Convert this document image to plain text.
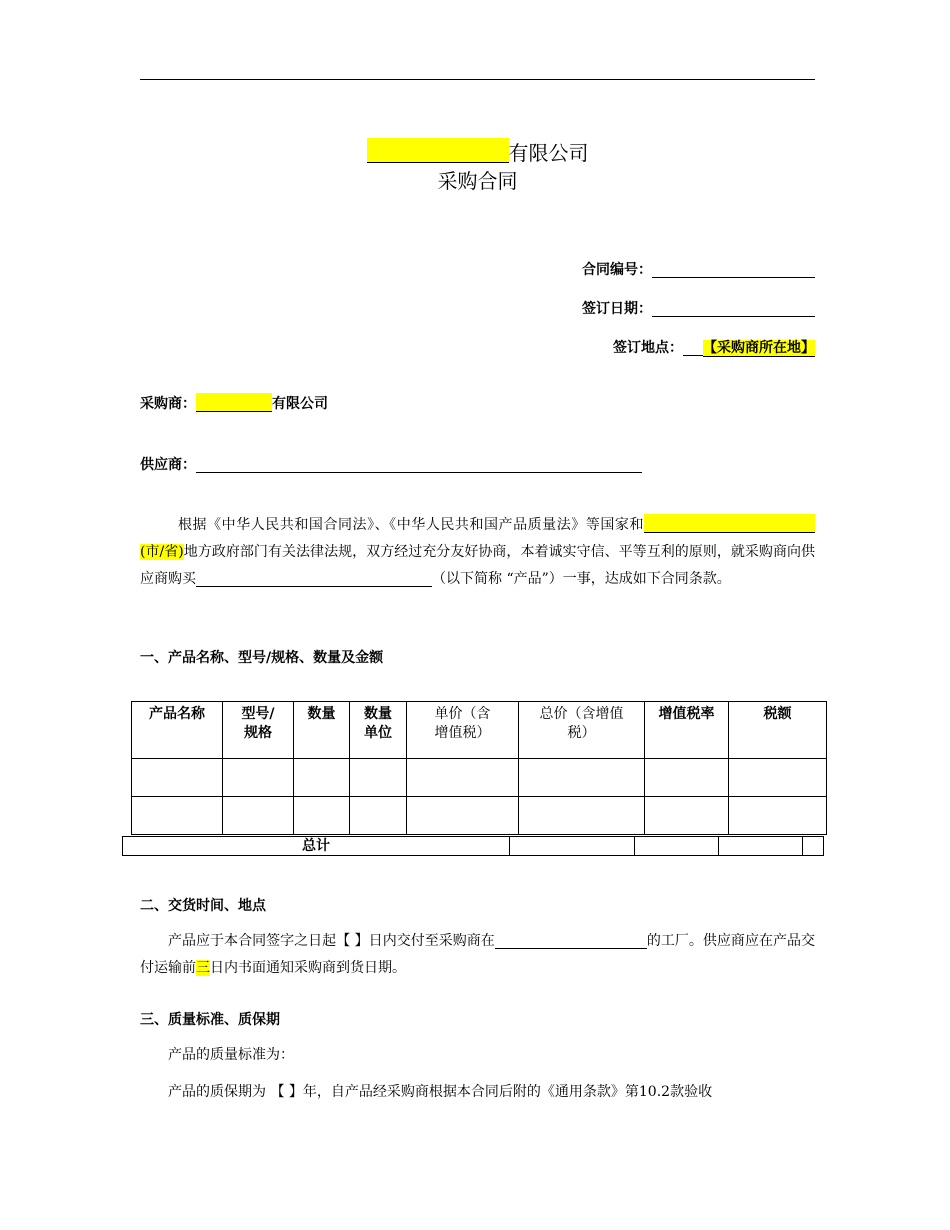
有限公司
采购合同
合同编号：
签订日期：
签订地点： 【采购商所在地】
采购商：	有限公司
供应商：
根据《中华人民共和国合同法》、《中华人民共和国产品质量法》等国家和(市/省)地方政府部门有关法律法规，双方经过充分友好协商，本着诚实守信、平等互利的原则，就采购商向供应商购买	（以下简称 “产品”）一事，达成如下合同条款。
一、产品名称、型号/规格、数量及金额
产品名称	型号/规格	数量	数量单位	单价（含增值税）	总价（含增值税）	增值税率	税额

总计
二、交货时间、地点
产品应于本合同签字之日起【 】日内交付至采购商在	的工厂。供应商应在产品交付运输前三日内书面通知采购商到货日期。
三、质量标准、质保期
产品的质量标准为：
产品的质保期为 【 】年，自产品经采购商根据本合同后附的《通用条款》第10.2款验收
